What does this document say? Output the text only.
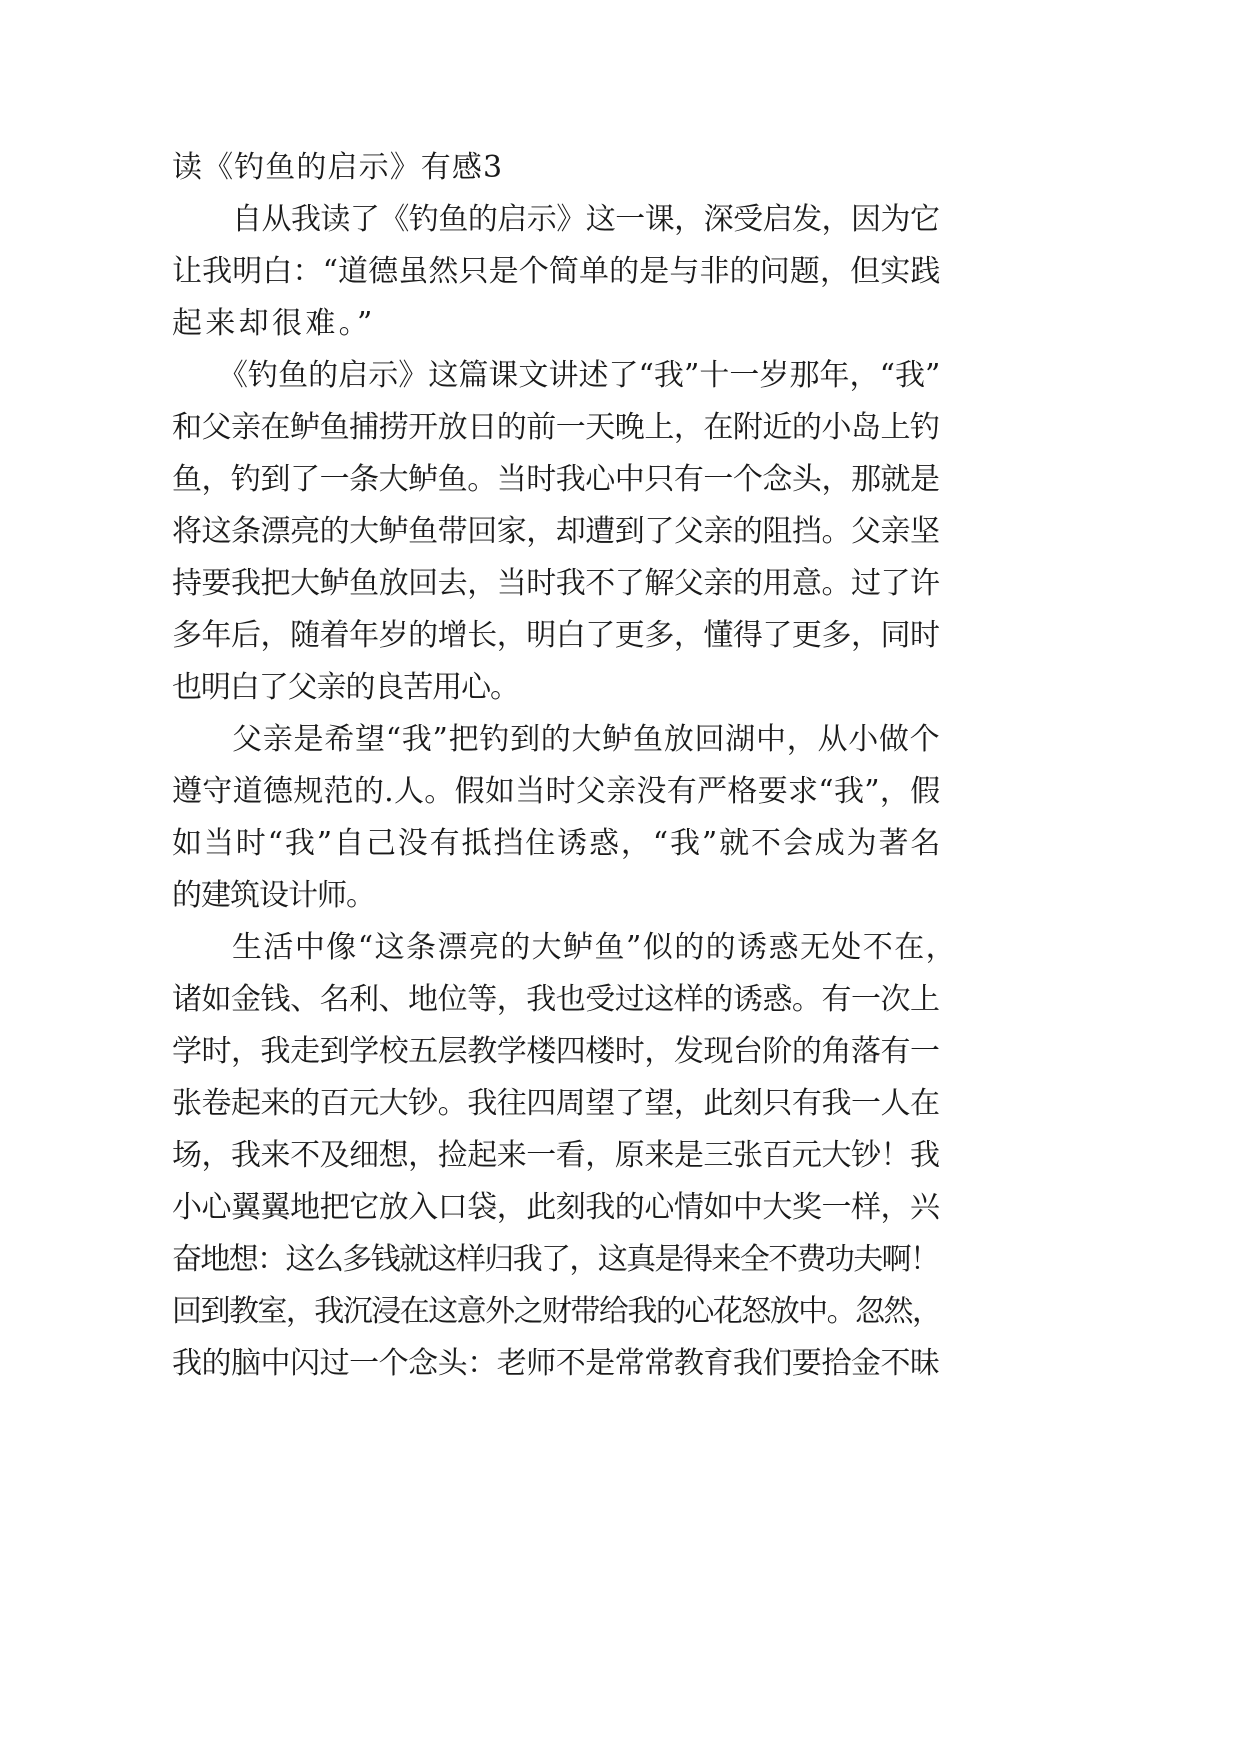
读《钓鱼的启示》有感3
自从我读了《钓鱼的启示》这一课，深受启发，因为它
让我明白：“道德虽然只是个简单的是与非的问题，但实践
起来却很难。”
《钓鱼的启示》这篇课文讲述了“我”十一岁那年，“我”
和父亲在鲈鱼捕捞开放日的前一天晚上，在附近的小岛上钓
鱼，钓到了一条大鲈鱼。当时我心中只有一个念头，那就是
将这条漂亮的大鲈鱼带回家，却遭到了父亲的阻挡。父亲坚
持要我把大鲈鱼放回去，当时我不了解父亲的用意。过了许
多年后，随着年岁的增长，明白了更多，懂得了更多，同时
也明白了父亲的良苦用心。
父亲是希望“我”把钓到的大鲈鱼放回湖中，从小做个
遵守道德规范的.人。假如当时父亲没有严格要求“我”，假
如当时“我”自己没有抵挡住诱惑，“我”就不会成为著名
的建筑设计师。
生活中像“这条漂亮的大鲈鱼”似的的诱惑无处不在，
诸如金钱、名利、地位等，我也受过这样的诱惑。有一次上
学时，我走到学校五层教学楼四楼时，发现台阶的角落有一
张卷起来的百元大钞。我往四周望了望，此刻只有我一人在
场，我来不及细想，捡起来一看，原来是三张百元大钞！我
小心翼翼地把它放入口袋，此刻我的心情如中大奖一样，兴
奋地想：这么多钱就这样归我了，这真是得来全不费功夫啊！
回到教室，我沉浸在这意外之财带给我的心花怒放中。忽然，
我的脑中闪过一个念头：老师不是常常教育我们要拾金不昧
